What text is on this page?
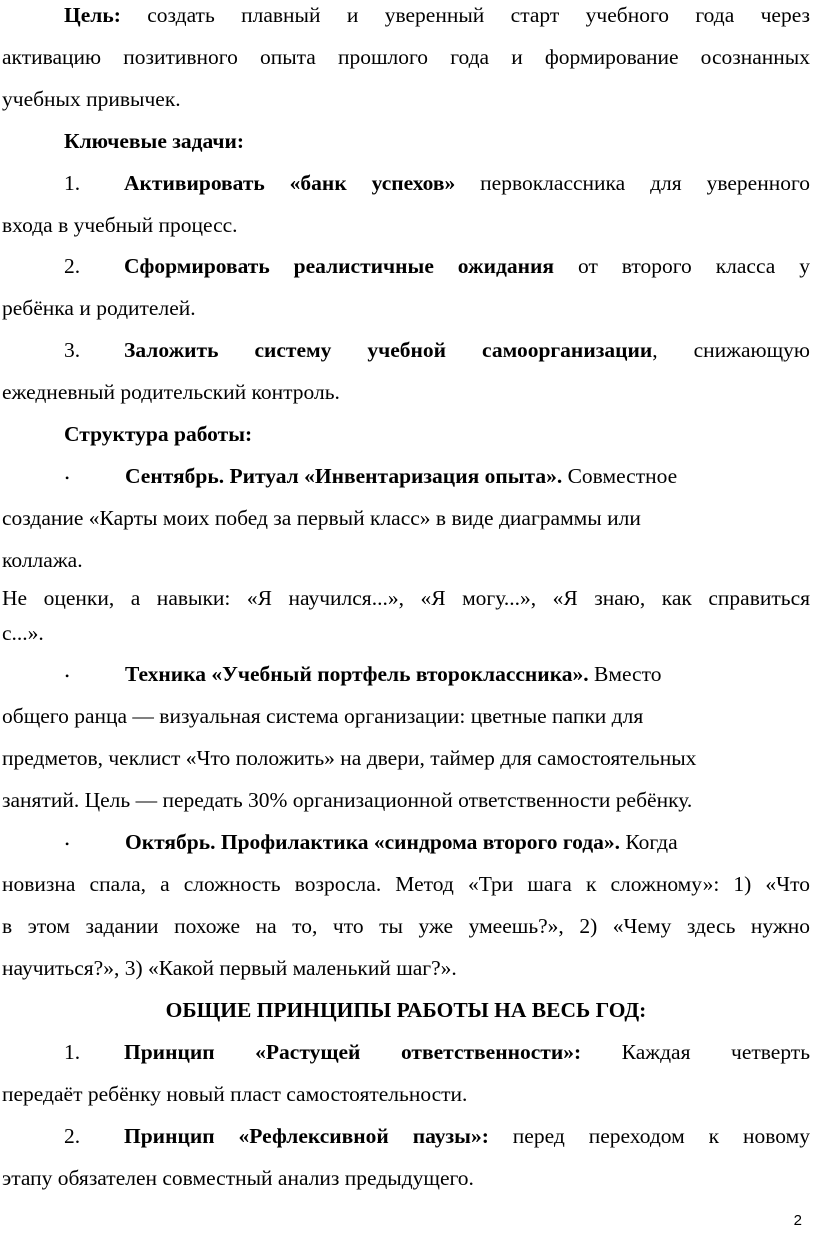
Цель: создать плавный и уверенный старт учебного года через
активацию позитивного опыта прошлого года и формирование осознанных
учебных привычек.
Ключевые задачи:
1. Активировать «банк успехов» первоклассника для уверенного
входа в учебный процесс.
2. Сформировать реалистичные ожидания от второго класса у
ребёнка и родителей.
3. Заложить систему учебной самоорганизации, снижающую
ежедневный родительский контроль.
Структура работы:
•	Сентябрь. Ритуал «Инвентаризация опыта». Совместное
создание «Карты моих побед за первый класс» в виде диаграммы или
коллажа.
Не оценки, а навыки: «Я научился...», «Я могу...», «Я знаю, как справиться
с...».
•	Техника «Учебный портфель второклассника». Вместо
общего ранца — визуальная система организации: цветные папки для
предметов, чеклист «Что положить» на двери, таймер для самостоятельных
занятий. Цель — передать 30% организационной ответственности ребёнку.
•	Октябрь. Профилактика «синдрома второго года». Когда
новизна спала, а сложность возросла. Метод «Три шага к сложному»: 1) «Что
в этом задании похоже на то, что ты уже умеешь?», 2) «Чему здесь нужно
научиться?», 3) «Какой первый маленький шаг?».
ОБЩИЕ ПРИНЦИПЫ РАБОТЫ НА ВЕСЬ ГОД:
1. Принцип «Растущей ответственности»: Каждая четверть
передаёт ребёнку новый пласт самостоятельности.
2. Принцип «Рефлексивной паузы»: перед переходом к новому
этапу обязателен совместный анализ предыдущего.
2
